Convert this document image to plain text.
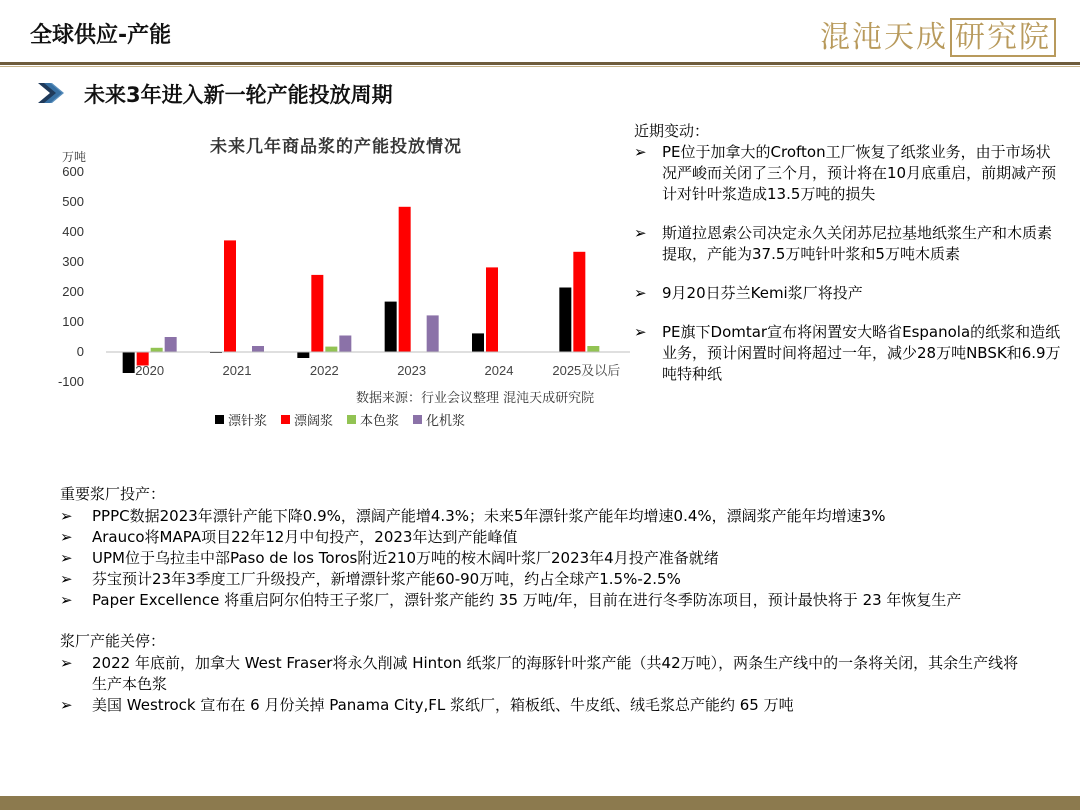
全球供应-产能	混沌天成 研究院
未来3年进入新一轮产能投放周期
未来几年商品浆的产能投放情况
万吨
-100
0
100
200
300
400
500
600
2020	2021	2022	2023	2024	2025及以后
数据来源：行业会议整理 混沌天成研究院
漂针浆 漂阔浆 本色浆 化机浆
近期变动：
➢ PE位于加拿大的Crofton工厂恢复了纸浆业务，由于市场状况严峻而关闭了三个月，预计将在10月底重启，前期减产预计对针叶浆造成13.5万吨的损失
➢ 斯道拉恩索公司决定永久关闭苏尼拉基地纸浆生产和木质素提取，产能为37.5万吨针叶浆和5万吨木质素
➢ 9月20日芬兰Kemi浆厂将投产
➢ PE旗下Domtar宣布将闲置安大略省Espanola的纸浆和造纸业务，预计闲置时间将超过一年，减少28万吨NBSK和6.9万吨特种纸
重要浆厂投产：
➢ PPPC数据2023年漂针产能下降0.9%，漂阔产能增4.3%；未来5年漂针浆产能年均增速0.4%，漂阔浆产能年均增速3%
➢ Arauco将MAPA项目22年12月中旬投产，2023年达到产能峰值
➢ UPM位于乌拉圭中部Paso de los Toros附近210万吨的桉木阔叶浆厂2023年4月投产准备就绪
➢ 芬宝预计23年3季度工厂升级投产，新增漂针浆产能60-90万吨，约占全球产1.5%-2.5%
➢ Paper Excellence 将重启阿尔伯特王子浆厂，漂针浆产能约 35 万吨/年，目前在进行冬季防冻项目，预计最快将于 23 年恢复生产
浆厂产能关停：
➢ 2022 年底前，加拿大 West Fraser将永久削减 Hinton 纸浆厂的海豚针叶浆产能（共42万吨），两条生产线中的一条将关闭，其余生产线将生产本色浆
➢ 美国 Westrock 宣布在 6 月份关掉 Panama City,FL 浆纸厂，箱板纸、牛皮纸、绒毛浆总产能约 65 万吨
